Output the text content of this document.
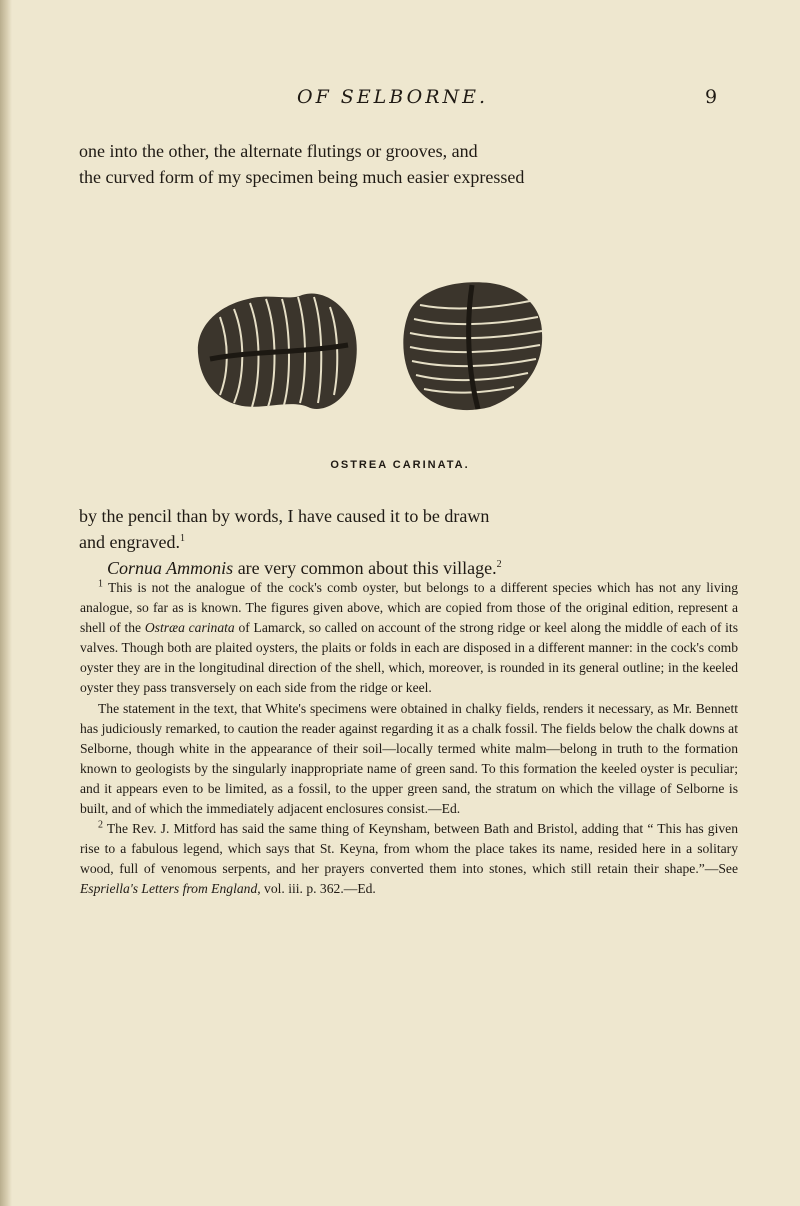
OF SELBORNE.	9

one into the other, the alternate flutings or grooves, and
the curved form of my specimen being much easier expressed

OSTREA CARINATA.

by the pencil than by words, I have caused it to be drawn
and engraved.$^1$
Cornua Ammonis are very common about this village.$^2$

$^1$ This is not the analogue of the cock's comb oyster, but belongs to a different species which has not any living analogue, so far as is known. The figures given above, which are copied from those of the original edition, represent a shell of the Ostræa carinata of Lamarck, so called on account of the strong ridge or keel along the middle of each of its valves. Though both are plaited oysters, the plaits or folds in each are disposed in a different manner: in the cock's comb oyster they are in the longitudinal direction of the shell, which, moreover, is rounded in its general outline; in the keeled oyster they pass transversely on each side from the ridge or keel.

The statement in the text, that White's specimens were obtained in chalky fields, renders it necessary, as Mr. Bennett has judiciously remarked, to caution the reader against regarding it as a chalk fossil. The fields below the chalk downs at Selborne, though white in the appearance of their soil—locally termed white malm—belong in truth to the formation known to geologists by the singularly inappropriate name of green sand. To this formation the keeled oyster is peculiar; and it appears even to be limited, as a fossil, to the upper green sand, the stratum on which the village of Selborne is built, and of which the immediately adjacent enclosures consist.—Ed.

$^2$ The Rev. J. Mitford has said the same thing of Keynsham, between Bath and Bristol, adding that “ This has given rise to a fabulous legend, which says that St. Keyna, from whom the place takes its name, resided here in a solitary wood, full of venomous serpents, and her prayers converted them into stones, which still retain their shape.”—See Espriella's Letters from England, vol. iii. p. 362.—Ed.
